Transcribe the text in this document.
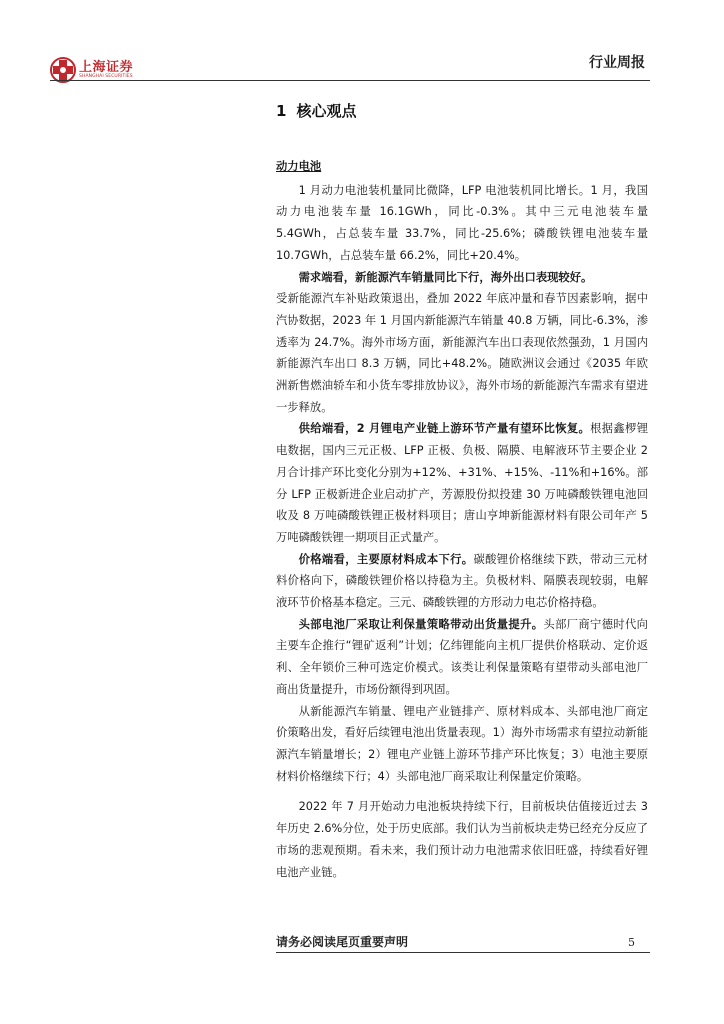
上海证券
SHANGHAI SECURITIES
行业周报
1 核心观点
动力电池

1 月动力电池装机量同比微降，LFP 电池装机同比增长。1 月，我国动力电池装车量 16.1GWh，同比-0.3%。其中三元电池装车量 5.4GWh，占总装车量 33.7%，同比-25.6%；磷酸铁锂电池装车量 10.7GWh，占总装车量 66.2%，同比+20.4%。

需求端看，新能源汽车销量同比下行，海外出口表现较好。

受新能源汽车补贴政策退出，叠加 2022 年底冲量和春节因素影响，据中汽协数据，2023 年 1 月国内新能源汽车销量 40.8 万辆，同比-6.3%，渗透率为 24.7%。海外市场方面，新能源汽车出口表现依然强劲，1 月国内新能源汽车出口 8.3 万辆，同比+48.2%。随欧洲议会通过《2035 年欧洲新售燃油轿车和小货车零排放协议》，海外市场的新能源汽车需求有望进一步释放。

供给端看，2 月锂电产业链上游环节产量有望环比恢复。根据鑫椤锂电数据，国内三元正极、LFP 正极、负极、隔膜、电解液环节主要企业 2 月合计排产环比变化分别为+12%、+31%、+15%、-11%和+16%。部分 LFP 正极新进企业启动扩产，芳源股份拟投建 30 万吨磷酸铁锂电池回收及 8 万吨磷酸铁锂正极材料项目；唐山亨坤新能源材料有限公司年产 5 万吨磷酸铁锂一期项目正式量产。

价格端看，主要原材料成本下行。碳酸锂价格继续下跌，带动三元材料价格向下，磷酸铁锂价格以持稳为主。负极材料、隔膜表现较弱，电解液环节价格基本稳定。三元、磷酸铁锂的方形动力电芯价格持稳。

头部电池厂采取让利保量策略带动出货量提升。头部厂商宁德时代向主要车企推行“锂矿返利”计划；亿纬锂能向主机厂提供价格联动、定价返利、全年锁价三种可选定价模式。该类让利保量策略有望带动头部电池厂商出货量提升，市场份额得到巩固。

从新能源汽车销量、锂电产业链排产、原材料成本、头部电池厂商定价策略出发，看好后续锂电池出货量表现。1）海外市场需求有望拉动新能源汽车销量增长；2）锂电产业链上游环节排产环比恢复；3）电池主要原材料价格继续下行；4）头部电池厂商采取让利保量定价策略。

2022 年 7 月开始动力电池板块持续下行，目前板块估值接近过去 3 年历史 2.6%分位，处于历史底部。我们认为当前板块走势已经充分反应了市场的悲观预期。看未来，我们预计动力电池需求依旧旺盛，持续看好锂电池产业链。

请务必阅读尾页重要声明	5
